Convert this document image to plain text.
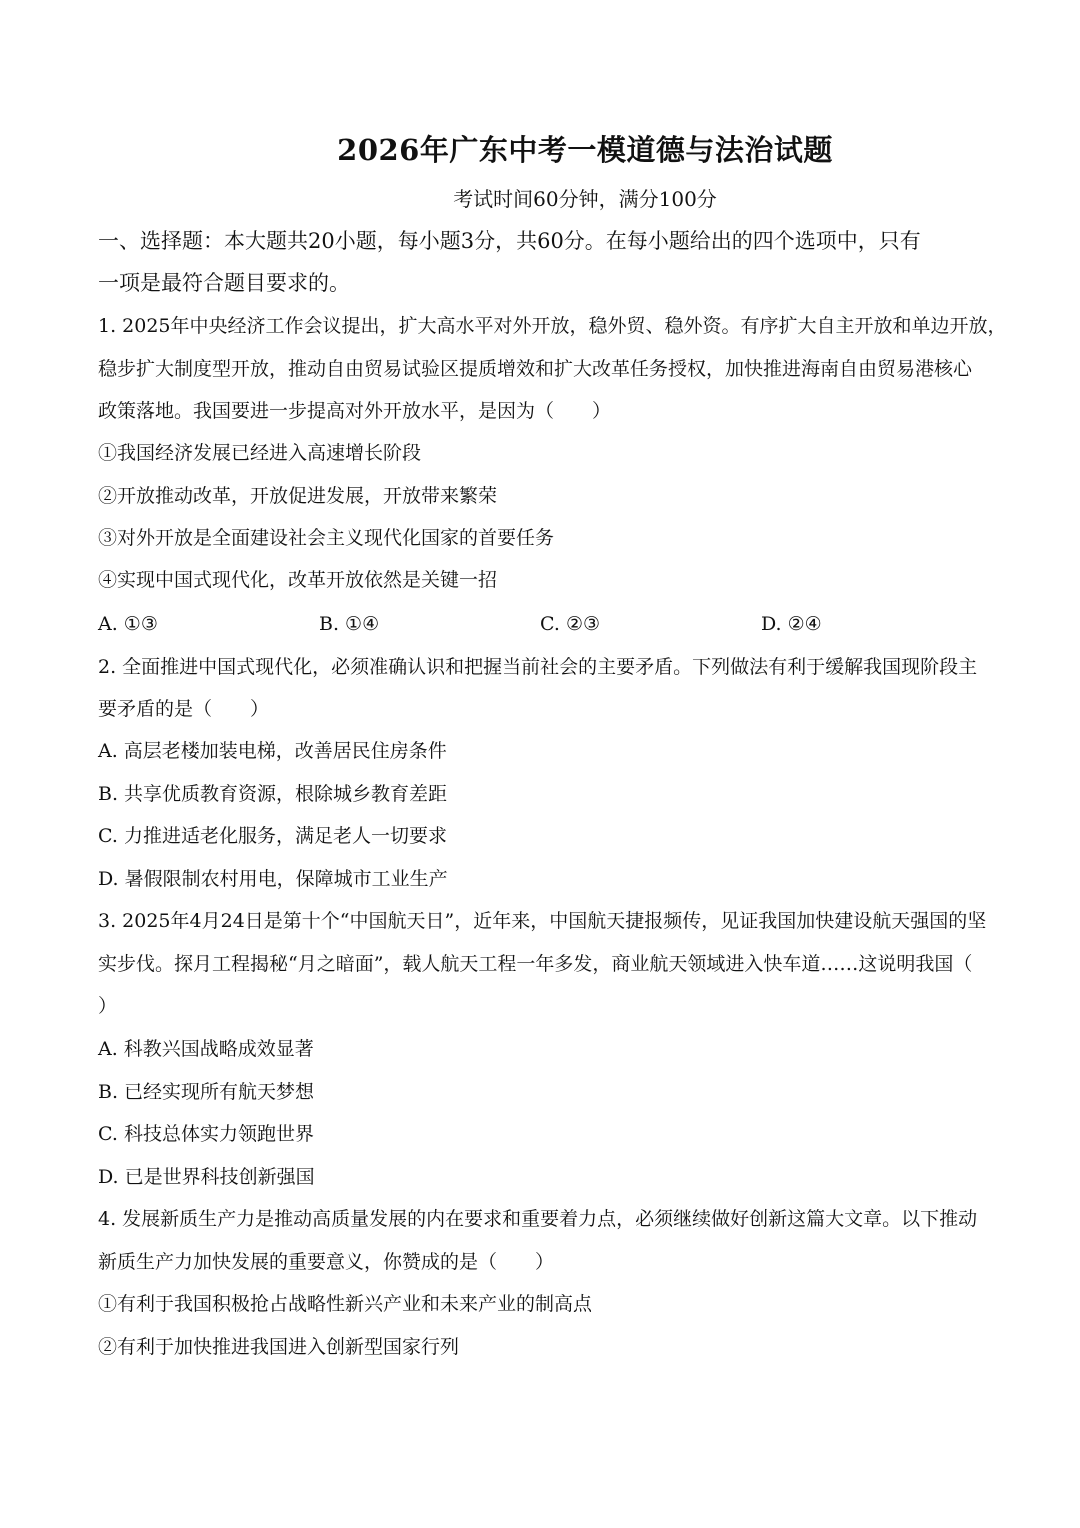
2026年广东中考一模道德与法治试题
考试时间60分钟，满分100分
一、选择题：本大题共20小题，每小题3分，共60分。在每小题给出的四个选项中，只有
一项是最符合题目要求的。
1. 2025年中央经济工作会议提出，扩大高水平对外开放，稳外贸、稳外资。有序扩大自主开放和单边开放，
稳步扩大制度型开放，推动自由贸易试验区提质增效和扩大改革任务授权，加快推进海南自由贸易港核心
政策落地。我国要进一步提高对外开放水平，是因为（　　）
①我国经济发展已经进入高速增长阶段
②开放推动改革，开放促进发展，开放带来繁荣
③对外开放是全面建设社会主义现代化国家的首要任务
④实现中国式现代化，改革开放依然是关键一招
A. ①③	B. ①④	C. ②③	D. ②④
2. 全面推进中国式现代化，必须准确认识和把握当前社会的主要矛盾。下列做法有利于缓解我国现阶段主
要矛盾的是（　　）
A. 高层老楼加装电梯，改善居民住房条件
B. 共享优质教育资源，根除城乡教育差距
C. 力推进适老化服务，满足老人一切要求
D. 暑假限制农村用电，保障城市工业生产
3. 2025年4月24日是第十个“中国航天日”，近年来，中国航天捷报频传，见证我国加快建设航天强国的坚
实步伐。探月工程揭秘“月之暗面”，载人航天工程一年多发，商业航天领域进入快车道……这说明我国（
）
A. 科教兴国战略成效显著
B. 已经实现所有航天梦想
C. 科技总体实力领跑世界
D. 已是世界科技创新强国
4. 发展新质生产力是推动高质量发展的内在要求和重要着力点，必须继续做好创新这篇大文章。以下推动
新质生产力加快发展的重要意义，你赞成的是（　　）
①有利于我国积极抢占战略性新兴产业和未来产业的制高点
②有利于加快推进我国进入创新型国家行列
